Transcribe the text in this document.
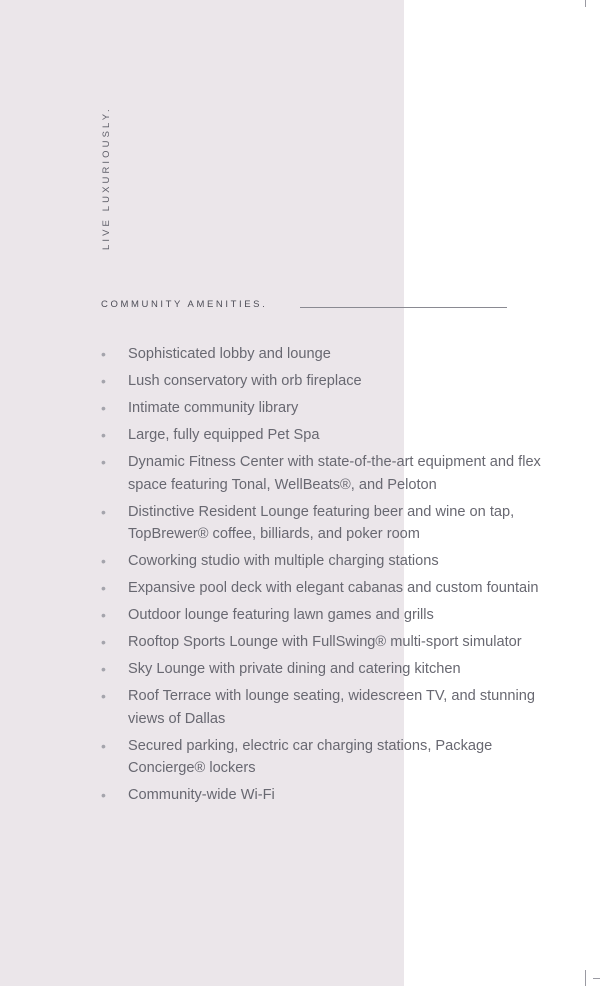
LIVE LUXURIOUSLY.
COMMUNITY AMENITIES.
• Sophisticated lobby and lounge
• Lush conservatory with orb fireplace
• Intimate community library
• Large, fully equipped Pet Spa
• Dynamic Fitness Center with state-of-the-art equipment and flex space featuring Tonal, WellBeats®, and Peloton
• Distinctive Resident Lounge featuring beer and wine on tap, TopBrewer® coffee, billiards, and poker room
• Coworking studio with multiple charging stations
• Expansive pool deck with elegant cabanas and custom fountain
• Outdoor lounge featuring lawn games and grills
• Rooftop Sports Lounge with FullSwing® multi-sport simulator
• Sky Lounge with private dining and catering kitchen
• Roof Terrace with lounge seating, widescreen TV, and stunning views of Dallas
• Secured parking, electric car charging stations, Package Concierge® lockers
• Community-wide Wi-Fi
